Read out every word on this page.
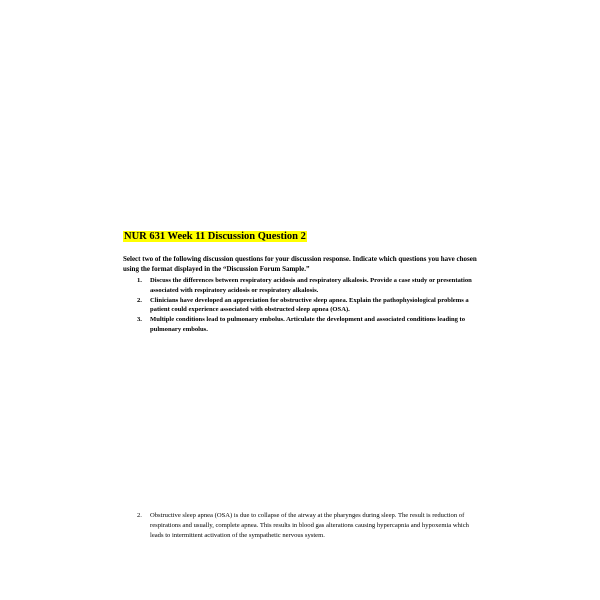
NUR 631 Week 11 Discussion Question 2

Select two of the following discussion questions for your discussion response. Indicate which questions you have chosen using the format displayed in the “Discussion Forum Sample.”

1. Discuss the differences between respiratory acidosis and respiratory alkalosis. Provide a case study or presentation associated with respiratory acidosis or respiratory alkalosis.
2. Clinicians have developed an appreciation for obstructive sleep apnea. Explain the pathophysiological problems a patient could experience associated with obstructed sleep apnea (OSA).
3. Multiple conditions lead to pulmonary embolus. Articulate the development and associated conditions leading to pulmonary embolus.
2. Obstructive sleep apnea (OSA) is due to collapse of the airway at the pharynges during sleep. The result is reduction of respirations and usually, complete apnea. This results in blood gas alterations causing hypercapnia and hypoxemia which leads to intermittent activation of the sympathetic nervous system.
